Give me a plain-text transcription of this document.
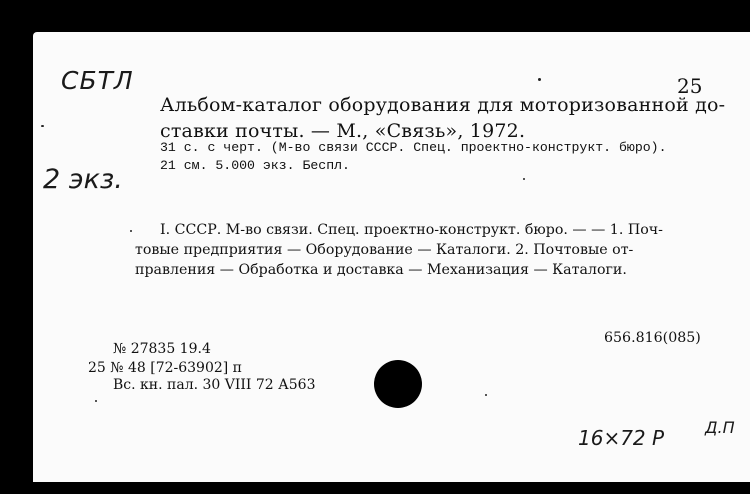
СБТЛ
2 экз.
25
Альбом-каталог оборудования для моторизованной до-
ставки почты. — М., «Связь», 1972.
31 с. с черт. (М-во связи СССР. Спец. проектно-конструкт. бюро).
21 см. 5.000 экз. Беспл.
I. СССР. М-во связи. Спец. проектно-конструкт. бюро. — — 1. Поч-
товые предприятия — Оборудование — Каталоги. 2. Почтовые от-
правления — Обработка и доставка — Механизация — Каталоги.
656.816(085)
№ 27835 19.4
25 № 48 [72-63902] п
Вс. кн. пал. 30 VIII 72 А563
16×72 Р	Д.П
